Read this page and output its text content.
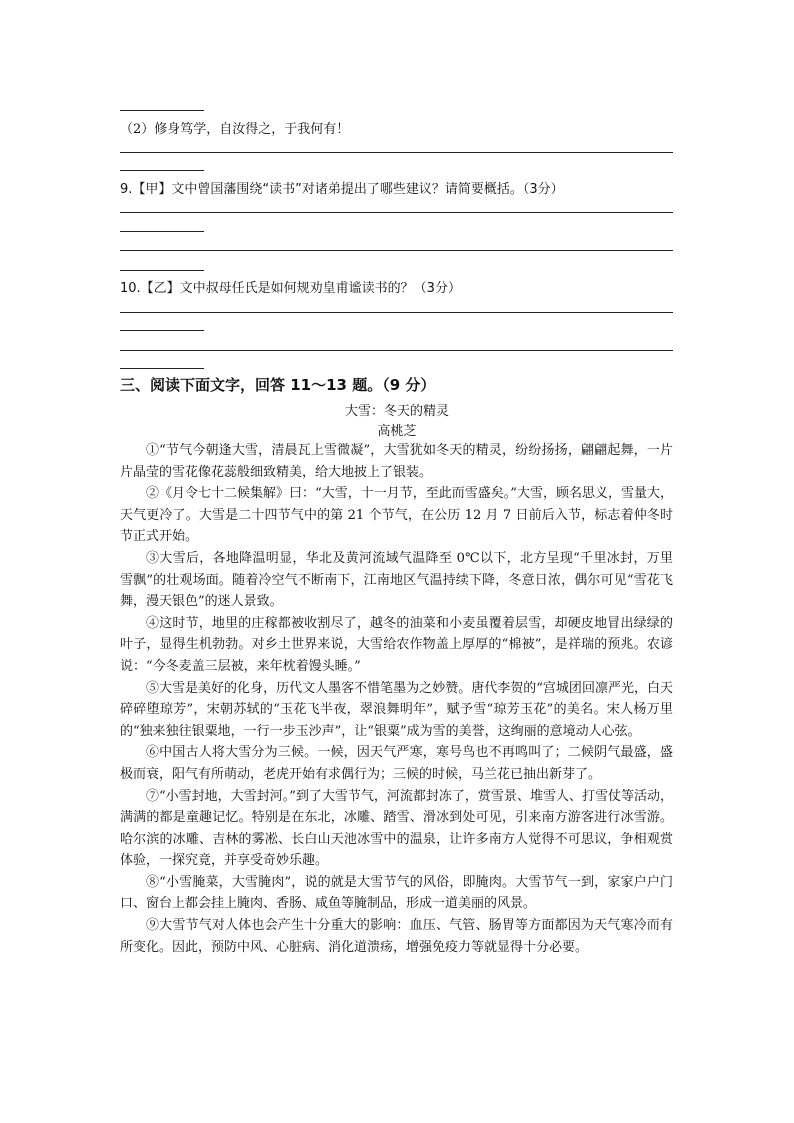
（2）修身笃学，自汝得之，于我何有！
9.【甲】文中曾国藩围绕“读书”对诸弟提出了哪些建议？请简要概括。（3分）
10.【乙】文中叔母任氏是如何规劝皇甫谧读书的？（3分）
三、阅读下面文字，回答 11～13 题。（9 分）
大雪：冬天的精灵
高桃芝

①“节气今朝逢大雪，清晨瓦上雪微凝”，大雪犹如冬天的精灵，纷纷扬扬，翩翩起舞，一片片晶莹的雪花像花蕊般细致精美，给大地披上了银装。

②《月令七十二候集解》曰：“大雪，十一月节，至此而雪盛矣。”大雪，顾名思义，雪量大，天气更冷了。大雪是二十四节气中的第 21 个节气，在公历 12 月 7 日前后入节，标志着仲冬时节正式开始。

③大雪后，各地降温明显，华北及黄河流域气温降至 0℃以下，北方呈现“千里冰封，万里雪飘”的壮观场面。随着冷空气不断南下，江南地区气温持续下降，冬意日浓，偶尔可见“雪花飞舞，漫天银色”的迷人景致。

④这时节，地里的庄稼都被收割尽了，越冬的油菜和小麦虽覆着层雪，却硬皮地冒出绿绿的叶子，显得生机勃勃。对乡土世界来说，大雪给农作物盖上厚厚的“棉被”，是祥瑞的预兆。农谚说：“今冬麦盖三层被，来年枕着馒头睡。”

⑤大雪是美好的化身，历代文人墨客不惜笔墨为之妙赞。唐代李贺的“宫城团回凛严光，白天碎碎堕琼芳”，宋朝苏轼的“玉花飞半夜，翠浪舞明年”，赋予雪“琼芳玉花”的美名。宋人杨万里的“独来独往银粟地，一行一步玉沙声”，让“银粟”成为雪的美誉，这绚丽的意境动人心弦。

⑥中国古人将大雪分为三候。一候，因天气严寒，寒号鸟也不再鸣叫了；二候阴气最盛，盛极而衰，阳气有所萌动，老虎开始有求偶行为；三候的时候，马兰花已抽出新芽了。

⑦“小雪封地，大雪封河。”到了大雪节气，河流都封冻了，赏雪景、堆雪人、打雪仗等活动，满满的都是童趣记忆。特别是在东北，冰雕、踏雪、滑冰到处可见，引来南方游客进行冰雪游。哈尔滨的冰雕、吉林的雾凇、长白山天池冰雪中的温泉，让许多南方人觉得不可思议，争相观赏体验，一探究竟，并享受奇妙乐趣。

⑧“小雪腌菜，大雪腌肉”，说的就是大雪节气的风俗，即腌肉。大雪节气一到，家家户户门口、窗台上都会挂上腌肉、香肠、咸鱼等腌制品，形成一道美丽的风景。

⑨大雪节气对人体也会产生十分重大的影响：血压、气管、肠胃等方面都因为天气寒冷而有所变化。因此，预防中风、心脏病、消化道溃疡，增强免疫力等就显得十分必要。
